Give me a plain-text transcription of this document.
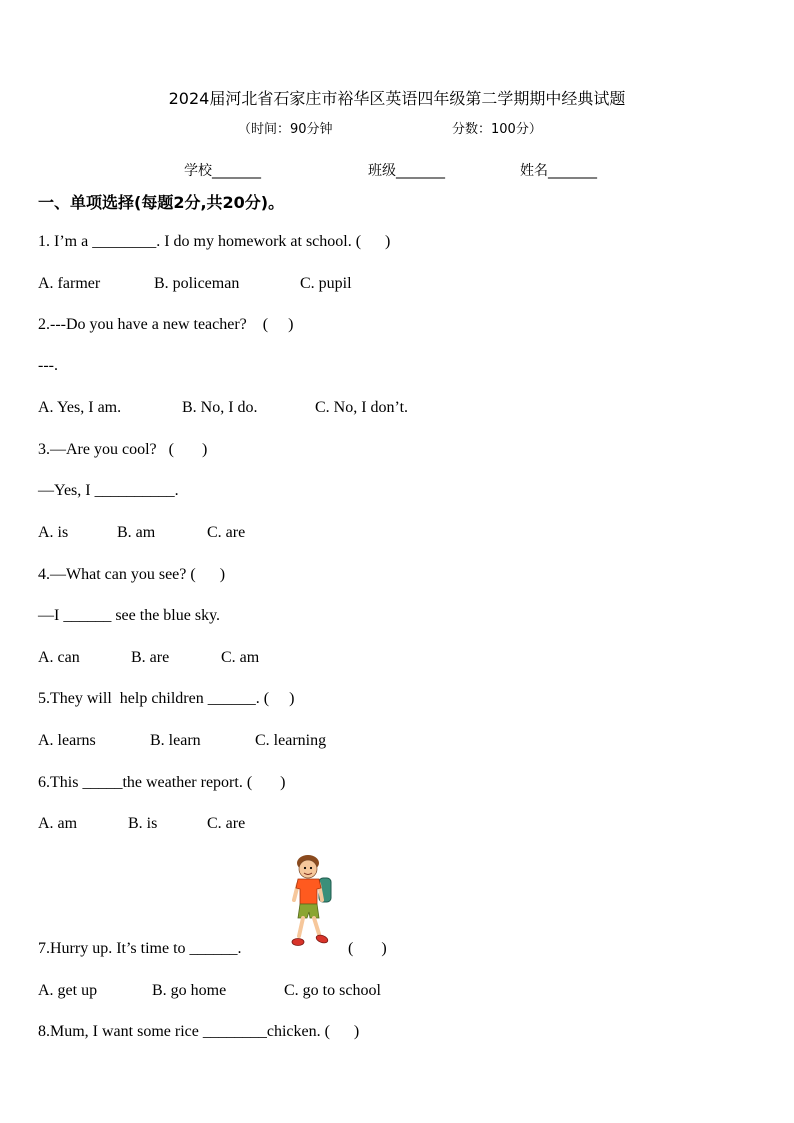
2024届河北省石家庄市裕华区英语四年级第二学期期中经典试题
（时间：90分钟	分数：100分）
学校_______	班级_______	姓名_______
一、单项选择(每题2分,共20分)。
1. I’m a ________. I do my homework at school. (      )
A. farmer	B. policeman	C. pupil
2.---Do you have a new teacher?    (     )
---.
A. Yes, I am.	B. No, I do.	C. No, I don’t.
3.—Are you cool?   (       )
—Yes, I __________.
A. is	B. am	C. are
4.—What can you see? (      )
—I ______ see the blue sky.
A. can	B. are	C. am
5.They will  help children ______. (     )
A. learns	B. learn	C. learning
6.This _____the weather report. (       )
A. am	B. is	C. are
7.Hurry up. It’s time to ______.	(       )
A. get up	B. go home	C. go to school
8.Mum, I want some rice ________chicken. (      )
